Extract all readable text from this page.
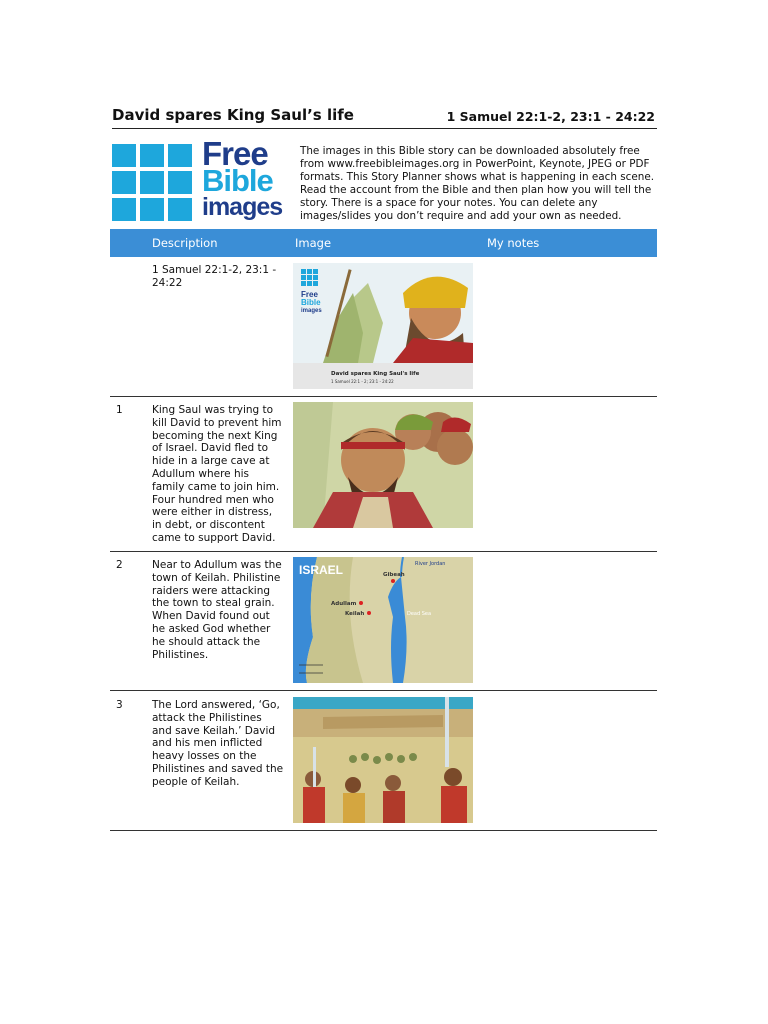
David spares King Saul’s life	1 Samuel 22:1-2, 23:1 - 24:22
Free
Bible
images
The images in this Bible story can be downloaded absolutely free from www.freebibleimages.org in PowerPoint, Keynote, JPEG or PDF formats. This Story Planner shows what is happening in each scene. Read the account from the Bible and then plan how you will tell the story. There is a space for your notes. You can delete any images/slides you don’t require and add your own as needed.
Description	Image	My notes
1 Samuel 22:1-2, 23:1 - 24:22
Free
Bible
images
David spares King Saul's life
1 Samuel 22:1 - 2; 23:1 - 24:22
1	King Saul was trying to kill David to prevent him becoming the next King of Israel. David fled to hide in a large cave at Adullum where his family came to join him. Four hundred men who were either in distress, in debt, or discontent came to support David.
2	Near to Adullum was the town of Keilah. Philistine raiders were attacking the town to steal grain. When David found out he asked God whether he should attack the Philistines.
ISRAEL	Gibeah
River Jordan
Adullam
Keilah	Dead Sea
3	The Lord answered, ‘Go, attack the Philistines and save Keilah.’ David and his men inflicted heavy losses on the Philistines and saved the people of Keilah.
